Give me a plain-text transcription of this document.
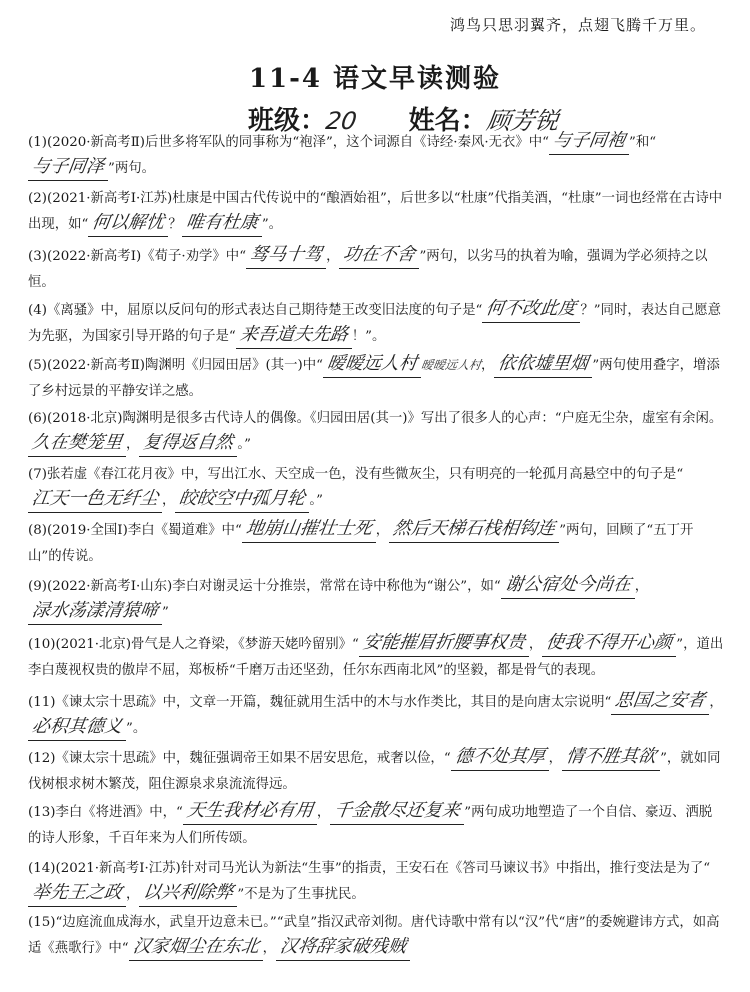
鸿鸟只思羽翼齐，点翅飞腾千万里。
11-4 语文早读测验
班级：20 姓名：顾芳锐
(1)(2020·新高考Ⅱ)后世多将军队的同事称为“袍泽”，这个词源自《诗经·秦风·无衣》中“ 与子同袍 ”和“与子同泽 ”两句。
(2)(2021·新高考Ⅰ·江苏)杜康是中国古代传说中的“酿酒始祖”，后世多以“杜康”代指美酒，“杜康”一词也经常在古诗中出现，如“ 何以解忧 ？ 唯有杜康 ”。
(3)(2022·新高考Ⅰ)《荀子·劝学》中“ 驽马十驾 ， 功在不舍 ”两句，以劣马的执着为喻，强调为学必须持之以恒。
(4)《离骚》中，屈原以反问句的形式表达自己期待楚王改变旧法度的句子是“ 何不改此度 ？”同时，表达自己愿意为先驱，为国家引导开路的句子是“ 来吾道夫先路 ！”。
(5)(2022·新高考Ⅱ)陶渊明《归园田居》(其一)中“ 暧暧远人村暧暧远人村， 依依墟里烟 ”两句使用叠字，增添了乡村远景的平静安详之感。
(6)(2018·北京)陶渊明是很多古代诗人的偶像。《归园田居(其一)》写出了很多人的心声：“户庭无尘杂，虚室有余闲。久在樊笼里 ， 复得返自然 。”
(7)张若虚《春江花月夜》中，写出江水、天空成一色，没有些微灰尘，只有明亮的一轮孤月高悬空中的句子是“江天一色无纤尘 ， 皎皎空中孤月轮 。”
(8)(2019·全国Ⅰ)李白《蜀道难》中“ 地崩山摧壮士死 ， 然后天梯石栈相钩连 ”两句，回顾了“五丁开山”的传说。
(9)(2022·新高考Ⅰ·山东)李白对谢灵运十分推崇，常常在诗中称他为“谢公”，如“ 谢公宿处今尚在 ，渌水荡漾清猿啼 ”
(10)(2021·北京)骨气是人之脊梁，《梦游天姥吟留别》“ 安能摧眉折腰事权贵 ， 使我不得开心颜 ”，道出李白蔑视权贵的傲岸不屈，郑板桥“千磨万击还坚劲，任尔东西南北风”的坚毅，都是骨气的表现。
(11)《谏太宗十思疏》中，文章一开篇，魏征就用生活中的木与水作类比，其目的是向唐太宗说明“ 思国之安者 ，必积其德义 ”。
(12)《谏太宗十思疏》中，魏征强调帝王如果不居安思危，戒奢以俭，“ 德不处其厚 ， 情不胜其欲 ”，就如同伐树根求树木繁茂，阻住源泉求泉流流得远。
(13)李白《将进酒》中，“ 天生我材必有用 ， 千金散尽还复来 ”两句成功地塑造了一个自信、豪迈、洒脱的诗人形象，千百年来为人们所传颂。
(14)(2021·新高考Ⅰ·江苏)针对司马光认为新法“生事”的指责，王安石在《答司马谏议书》中指出，推行变法是为了“举先王之政 ， 以兴利除弊 ”不是为了生事扰民。
(15)“边庭流血成海水，武皇开边意未已。”“武皇”指汉武帝刘彻。唐代诗歌中常有以“汉”代“唐”的委婉避讳方式，如高适《燕歌行》中“ 汉家烟尘在东北 ， 汉将辞家破残贼
